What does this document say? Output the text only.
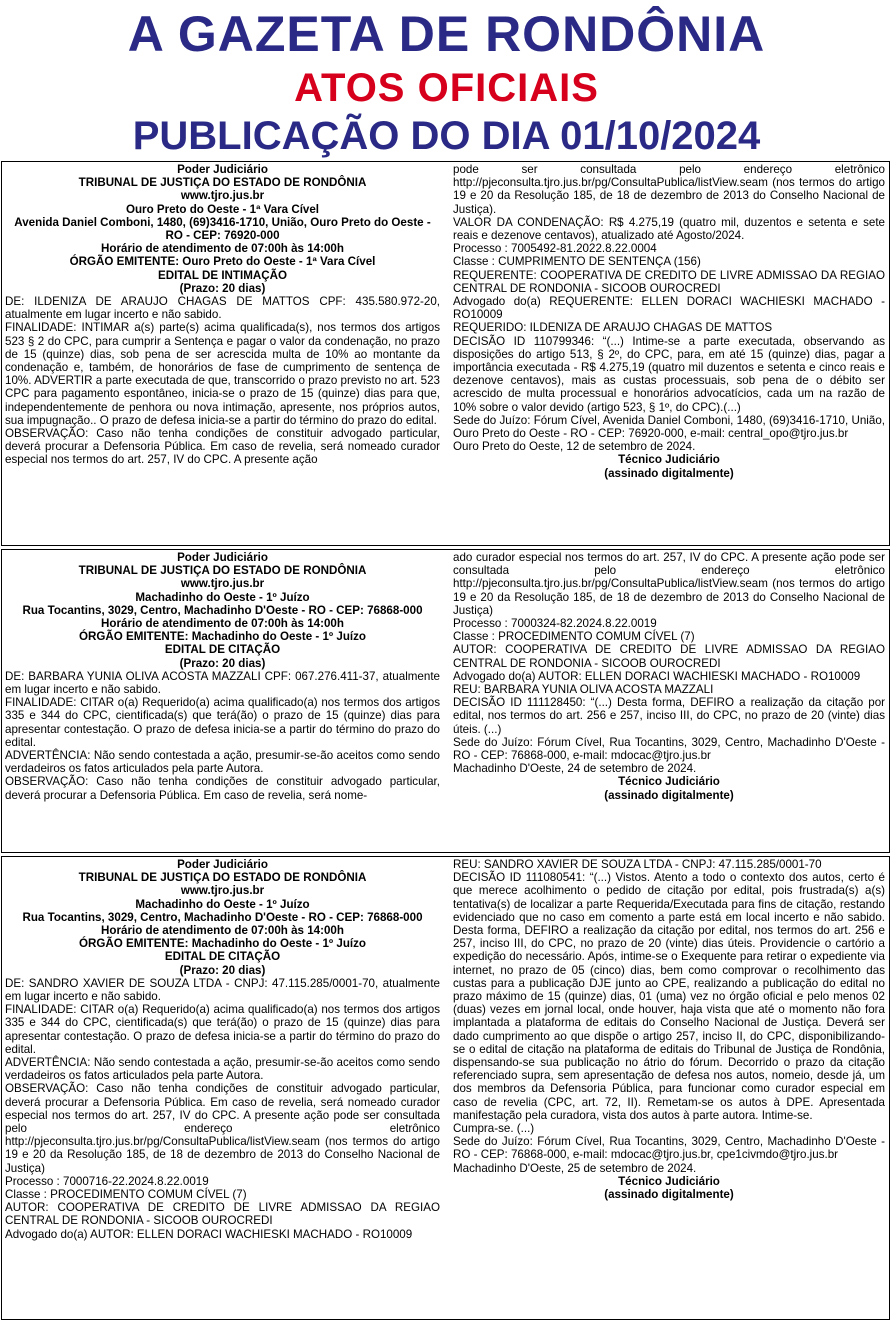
A GAZETA DE RONDÔNIA
ATOS OFICIAIS
PUBLICAÇÃO DO DIA 01/10/2024

Poder Judiciário

TRIBUNAL DE JUSTIÇA DO ESTADO DE RONDÔNIA

www.tjro.jus.br

Ouro Preto do Oeste - 1ª Vara Cível

Avenida Daniel Comboni, 1480, (69)3416-1710, União, Ouro Preto do Oeste - RO - CEP: 76920-000

Horário de atendimento de 07:00h às 14:00h

ÓRGÃO EMITENTE: Ouro Preto do Oeste - 1ª Vara Cível

EDITAL DE INTIMAÇÃO

(Prazo: 20 dias)

DE: ILDENIZA DE ARAUJO CHAGAS DE MATTOS CPF: 435.580.972-20, atualmente em lugar incerto e não sabido.

FINALIDADE: INTIMAR a(s) parte(s) acima qualificada(s), nos termos dos artigos 523 § 2 do CPC, para cumprir a Sentença e pagar o valor da condenação, no prazo de 15 (quinze) dias, sob pena de ser acrescida multa de 10% ao montante da condenação e, também, de honorários de fase de cumprimento de sentença de 10%. ADVERTIR a parte executada de que, transcorrido o prazo previsto no art. 523 CPC para pagamento espontâneo, inicia-se o prazo de 15 (quinze) dias para que, independentemente de penhora ou nova intimação, apresente, nos próprios autos, sua impugnação.. O prazo de defesa inicia-se a partir do término do prazo do edital.

OBSERVAÇÃO: Caso não tenha condições de constituir advogado particular, deverá procurar a Defensoria Pública. Em caso de revelia, será nomeado curador especial nos termos do art. 257, IV do CPC. A presente ação

pode ser consultada pelo endereço eletrônico http://pjeconsulta.tjro.jus.br/pg/ConsultaPublica/listView.seam (nos termos do artigo 19 e 20 da Resolução 185, de 18 de dezembro de 2013 do Conselho Nacional de Justiça).

VALOR DA CONDENAÇÃO: R$ 4.275,19 (quatro mil, duzentos e setenta e sete reais e dezenove centavos), atualizado até Agosto/2024.

Processo : 7005492-81.2022.8.22.0004

Classe : CUMPRIMENTO DE SENTENÇA (156)

REQUERENTE: COOPERATIVA DE CREDITO DE LIVRE ADMISSAO DA REGIAO CENTRAL DE RONDONIA - SICOOB OUROCREDI

Advogado do(a) REQUERENTE: ELLEN DORACI WACHIESKI MACHADO - RO10009

REQUERIDO: ILDENIZA DE ARAUJO CHAGAS DE MATTOS

DECISÃO ID 110799346: “(...) Intime-se a parte executada, observando as disposições do artigo 513, § 2º, do CPC, para, em até 15 (quinze) dias, pagar a importância executada - R$ 4.275,19 (quatro mil duzentos e setenta e cinco reais e dezenove centavos), mais as custas processuais, sob pena de o débito ser acrescido de multa processual e honorários advocatícios, cada um na razão de 10% sobre o valor devido (artigo 523, § 1º, do CPC).(...)

Sede do Juízo: Fórum Cível, Avenida Daniel Comboni, 1480, (69)3416-1710, União, Ouro Preto do Oeste - RO - CEP: 76920-000, e-mail: central_opo@tjro.jus.br

Ouro Preto do Oeste, 12 de setembro de 2024.

Técnico Judiciário

(assinado digitalmente)

Poder Judiciário

TRIBUNAL DE JUSTIÇA DO ESTADO DE RONDÔNIA

www.tjro.jus.br

Machadinho do Oeste - 1º Juízo

Rua Tocantins, 3029, Centro, Machadinho D'Oeste - RO - CEP: 76868-000

Horário de atendimento de 07:00h às 14:00h

ÓRGÃO EMITENTE: Machadinho do Oeste - 1º Juízo

EDITAL DE CITAÇÃO

(Prazo: 20 dias)

DE: BARBARA YUNIA OLIVA ACOSTA MAZZALI CPF: 067.276.411-37, atualmente em lugar incerto e não sabido.

FINALIDADE: CITAR o(a) Requerido(a) acima qualificado(a) nos termos dos artigos 335 e 344 do CPC, cientificada(s) que terá(ão) o prazo de 15 (quinze) dias para apresentar contestação. O prazo de defesa inicia-se a partir do término do prazo do edital.

ADVERTÊNCIA: Não sendo contestada a ação, presumir-se-ão aceitos como sendo verdadeiros os fatos articulados pela parte Autora.

OBSERVAÇÃO: Caso não tenha condições de constituir advogado particular, deverá procurar a Defensoria Pública. Em caso de revelia, será nome-

ado curador especial nos termos do art. 257, IV do CPC. A presente ação pode ser consultada pelo endereço eletrônico http://pjeconsulta.tjro.jus.br/pg/ConsultaPublica/listView.seam (nos termos do artigo 19 e 20 da Resolução 185, de 18 de dezembro de 2013 do Conselho Nacional de Justiça)

Processo : 7000324-82.2024.8.22.0019

Classe : PROCEDIMENTO COMUM CÍVEL (7)

AUTOR: COOPERATIVA DE CREDITO DE LIVRE ADMISSAO DA REGIAO CENTRAL DE RONDONIA - SICOOB OUROCREDI

Advogado do(a) AUTOR: ELLEN DORACI WACHIESKI MACHADO - RO10009

REU: BARBARA YUNIA OLIVA ACOSTA MAZZALI

DECISÃO ID 111128450: “(...) Desta forma, DEFIRO a realização da citação por edital, nos termos do art. 256 e 257, inciso III, do CPC, no prazo de 20 (vinte) dias úteis. (...)

Sede do Juízo: Fórum Cível, Rua Tocantins, 3029, Centro, Machadinho D'Oeste - RO - CEP: 76868-000, e-mail: mdocac@tjro.jus.br

Machadinho D'Oeste, 24 de setembro de 2024.

Técnico Judiciário

(assinado digitalmente)

Poder Judiciário

TRIBUNAL DE JUSTIÇA DO ESTADO DE RONDÔNIA

www.tjro.jus.br

Machadinho do Oeste - 1º Juízo

Rua Tocantins, 3029, Centro, Machadinho D'Oeste - RO - CEP: 76868-000

Horário de atendimento de 07:00h às 14:00h

ÓRGÃO EMITENTE: Machadinho do Oeste - 1º Juízo

EDITAL DE CITAÇÃO

(Prazo: 20 dias)

DE: SANDRO XAVIER DE SOUZA LTDA - CNPJ: 47.115.285/0001-70, atualmente em lugar incerto e não sabido.

FINALIDADE: CITAR o(a) Requerido(a) acima qualificado(a) nos termos dos artigos 335 e 344 do CPC, cientificada(s) que terá(ão) o prazo de 15 (quinze) dias para apresentar contestação. O prazo de defesa inicia-se a partir do término do prazo do edital.

ADVERTÊNCIA: Não sendo contestada a ação, presumir-se-ão aceitos como sendo verdadeiros os fatos articulados pela parte Autora.

OBSERVAÇÃO: Caso não tenha condições de constituir advogado particular, deverá procurar a Defensoria Pública. Em caso de revelia, será nomeado curador especial nos termos do art. 257, IV do CPC. A presente ação pode ser consultada pelo endereço eletrônico http://pjeconsulta.tjro.jus.br/pg/ConsultaPublica/listView.seam (nos termos do artigo 19 e 20 da Resolução 185, de 18 de dezembro de 2013 do Conselho Nacional de Justiça)

Processo : 7000716-22.2024.8.22.0019

Classe : PROCEDIMENTO COMUM CÍVEL (7)

AUTOR: COOPERATIVA DE CREDITO DE LIVRE ADMISSAO DA REGIAO CENTRAL DE RONDONIA - SICOOB OUROCREDI

Advogado do(a) AUTOR: ELLEN DORACI WACHIESKI MACHADO - RO10009

REU: SANDRO XAVIER DE SOUZA LTDA - CNPJ: 47.115.285/0001-70

DECISÃO ID 111080541: “(...) Vistos. Atento a todo o contexto dos autos, certo é que merece acolhimento o pedido de citação por edital, pois frustrada(s) a(s) tentativa(s) de localizar a parte Requerida/Executada para fins de citação, restando evidenciado que no caso em comento a parte está em local incerto e não sabido. Desta forma, DEFIRO a realização da citação por edital, nos termos do art. 256 e 257, inciso III, do CPC, no prazo de 20 (vinte) dias úteis. Providencie o cartório a expedição do necessário. Após, intime-se o Exequente para retirar o expediente via internet, no prazo de 05 (cinco) dias, bem como comprovar o recolhimento das custas para a publicação DJE junto ao CPE, realizando a publicação do edital no prazo máximo de 15 (quinze) dias, 01 (uma) vez no órgão oficial e pelo menos 02 (duas) vezes em jornal local, onde houver, haja vista que até o momento não fora implantada a plataforma de editais do Conselho Nacional de Justiça. Deverá ser dado cumprimento ao que dispõe o artigo 257, inciso II, do CPC, disponibilizando-se o edital de citação na plataforma de editais do Tribunal de Justiça de Rondônia, dispensando-se sua publicação no átrio do fórum. Decorrido o prazo da citação referenciado supra, sem apresentação de defesa nos autos, nomeio, desde já, um dos membros da Defensoria Pública, para funcionar como curador especial em caso de revelia (CPC, art. 72, II). Remetam-se os autos à DPE. Apresentada manifestação pela curadora, vista dos autos à parte autora. Intime-se.

Cumpra-se. (...)

Sede do Juízo: Fórum Cível, Rua Tocantins, 3029, Centro, Machadinho D'Oeste - RO - CEP: 76868-000, e-mail: mdocac@tjro.jus.br, cpe1civmdo@tjro.jus.br

Machadinho D'Oeste, 25 de setembro de 2024.

Técnico Judiciário

(assinado digitalmente)
